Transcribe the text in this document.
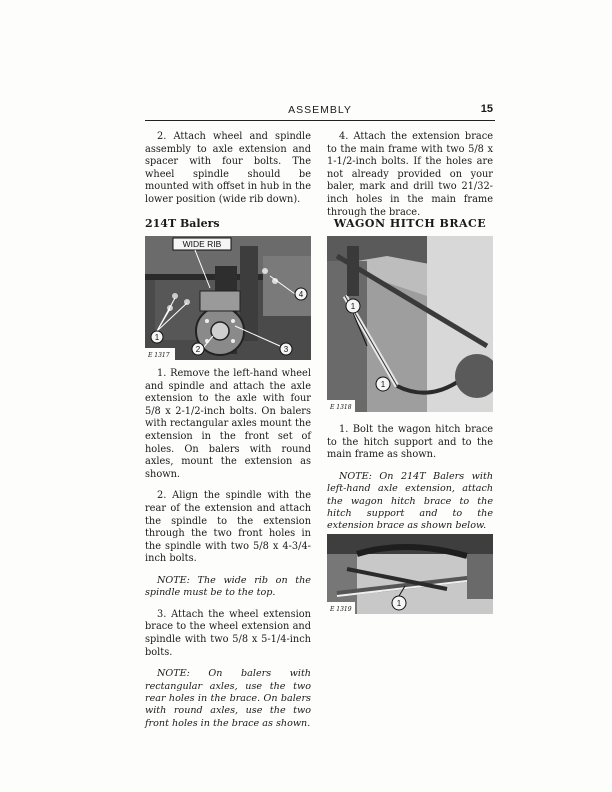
ASSEMBLY	15

2. Attach wheel and spindle assembly to axle extension and spacer with four bolts. The wheel spindle should be mounted with offset in hub in the lower position (wide rib down).

214T Balers

WIDE RIB
1
2	3
4
E 1317

1. Remove the left-hand wheel and spindle and attach the axle extension to the axle with four 5/8 x 2-1/2-inch bolts. On balers with rectangular axles mount the extension in the front set of holes. On balers with round axles, mount the extension as shown.

2. Align the spindle with the rear of the extension and attach the spindle to the extension through the two front holes in the spindle with two 5/8 x 4-3/4-inch bolts.

NOTE: The wide rib on the spindle must be to the top.

3. Attach the wheel extension brace to the wheel extension and spindle with two 5/8 x 5-1/4-inch bolts.

NOTE: On balers with rectangular axles, use the two rear holes in the brace. On balers with round axles, use the two front holes in the brace as shown.

4. Attach the extension brace to the main frame with two 5/8 x 1-1/2-inch bolts. If the holes are not already provided on your baler, mark and drill two 21/32-inch holes in the main frame through the brace.

WAGON HITCH BRACE

1
1
E 1318

1. Bolt the wagon hitch brace to the hitch support and to the main frame as shown.

NOTE: On 214T Balers with left-hand axle extension, attach the wagon hitch brace to the hitch support and to the extension brace as shown below.

1
E 1319
